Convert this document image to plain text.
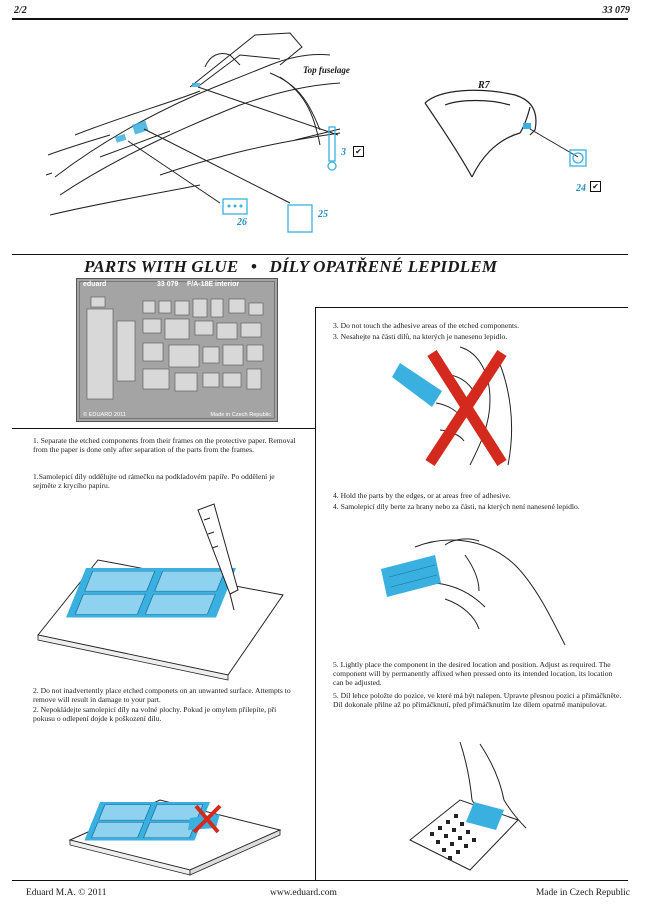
2/2	33 079
Top fuselage
3 ✔
26
25
R7
24 ✔
PARTS WITH GLUE • DÍLY OPATŘENÉ LEPIDLEM
eduard	33 079 F/A-18E interior
© EDUARD 2011	Made in Czech Republic
1. Separate the etched components from their frames on the protective paper. Removal from the paper is done only after separation of the parts from the frames.
1.Samolepicí díly oddělujte od rámečku na podkladovém papíře. Po oddělení je sejměte z krycího papíru.
2. Do not inadvertently place etched componets on an unwanted surface. Attempts to remove will result in damage to your part.
2. Nepokládejte samolepicí díly na volné plochy. Pokud je omylem přilepíte, při pokusu o odlepení dojde k poškození dílu.
3. Do not touch the adhesive areas of the etched components.
3. Nesahejte na části dílů, na kterých je naneseno lepidlo.
4. Hold the parts by the edges, or at areas free of adhesive.
4. Samolepicí díly berte za hrany nebo za části, na kterých není nanesené lepidlo.
5. Lightly place the component in the desired location and position. Adjust as required. The component will by permanently affixed when pressed onto its intended location, its location can be adjusted.
5. Díl lehce položte do pozice, ve které má být nalepen. Upravte přesnou pozici a přimáčkněte. Díl dokonale přilne až po přimáčknutí, před přimáčknutím lze dílem opatrně manipulovat.
Eduard M.A. © 2011	www.eduard.com	Made in Czech Republic
